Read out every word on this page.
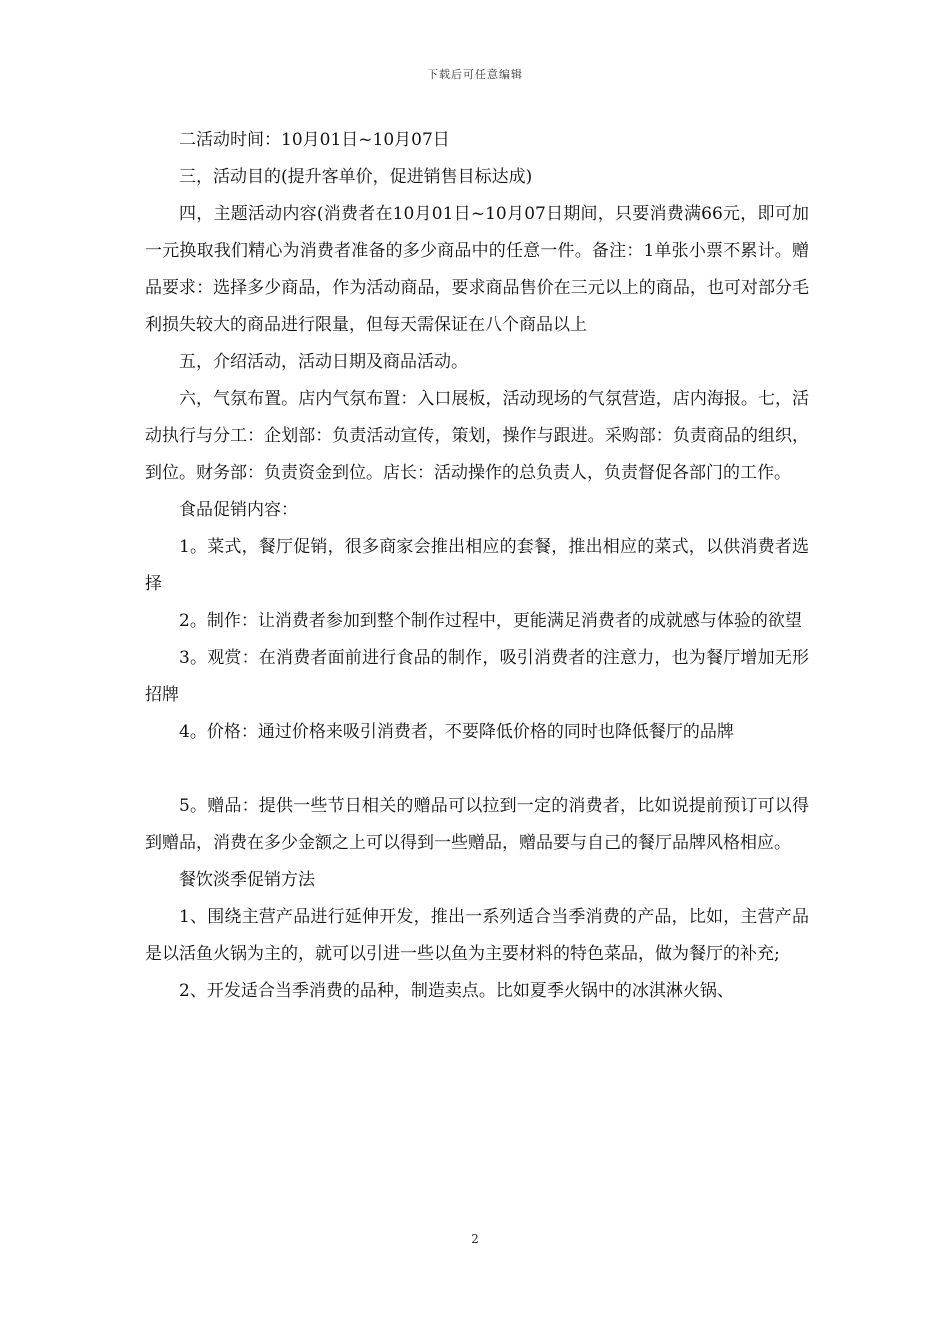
下载后可任意编辑

二活动时间：10月01日~10月07日

三，活动目的(提升客单价，促进销售目标达成)

四，主题活动内容(消费者在10月01日~10月07日期间，只要消费满66元，即可加一元换取我们精心为消费者准备的多少商品中的任意一件。备注：1单张小票不累计。赠品要求：选择多少商品，作为活动商品，要求商品售价在三元以上的商品，也可对部分毛利损失较大的商品进行限量，但每天需保证在八个商品以上

五，介绍活动，活动日期及商品活动。

六，气氛布置。店内气氛布置：入口展板，活动现场的气氛营造，店内海报。七，活动执行与分工：企划部：负责活动宣传，策划，操作与跟进。采购部：负责商品的组织，到位。财务部：负责资金到位。店长：活动操作的总负责人，负责督促各部门的工作。

食品促销内容：

1。菜式，餐厅促销，很多商家会推出相应的套餐，推出相应的菜式，以供消费者选择

2。制作：让消费者参加到整个制作过程中，更能满足消费者的成就感与体验的欲望

3。观赏：在消费者面前进行食品的制作，吸引消费者的注意力，也为餐厅增加无形招牌

4。价格：通过价格来吸引消费者，不要降低价格的同时也降低餐厅的品牌

5。赠品：提供一些节日相关的赠品可以拉到一定的消费者，比如说提前预订可以得到赠品，消费在多少金额之上可以得到一些赠品，赠品要与自己的餐厅品牌风格相应。

餐饮淡季促销方法

1、围绕主营产品进行延伸开发，推出一系列适合当季消费的产品，比如，主营产品是以活鱼火锅为主的，就可以引进一些以鱼为主要材料的特色菜品，做为餐厅的补充;

2、开发适合当季消费的品种，制造卖点。比如夏季火锅中的冰淇淋火锅、

2
